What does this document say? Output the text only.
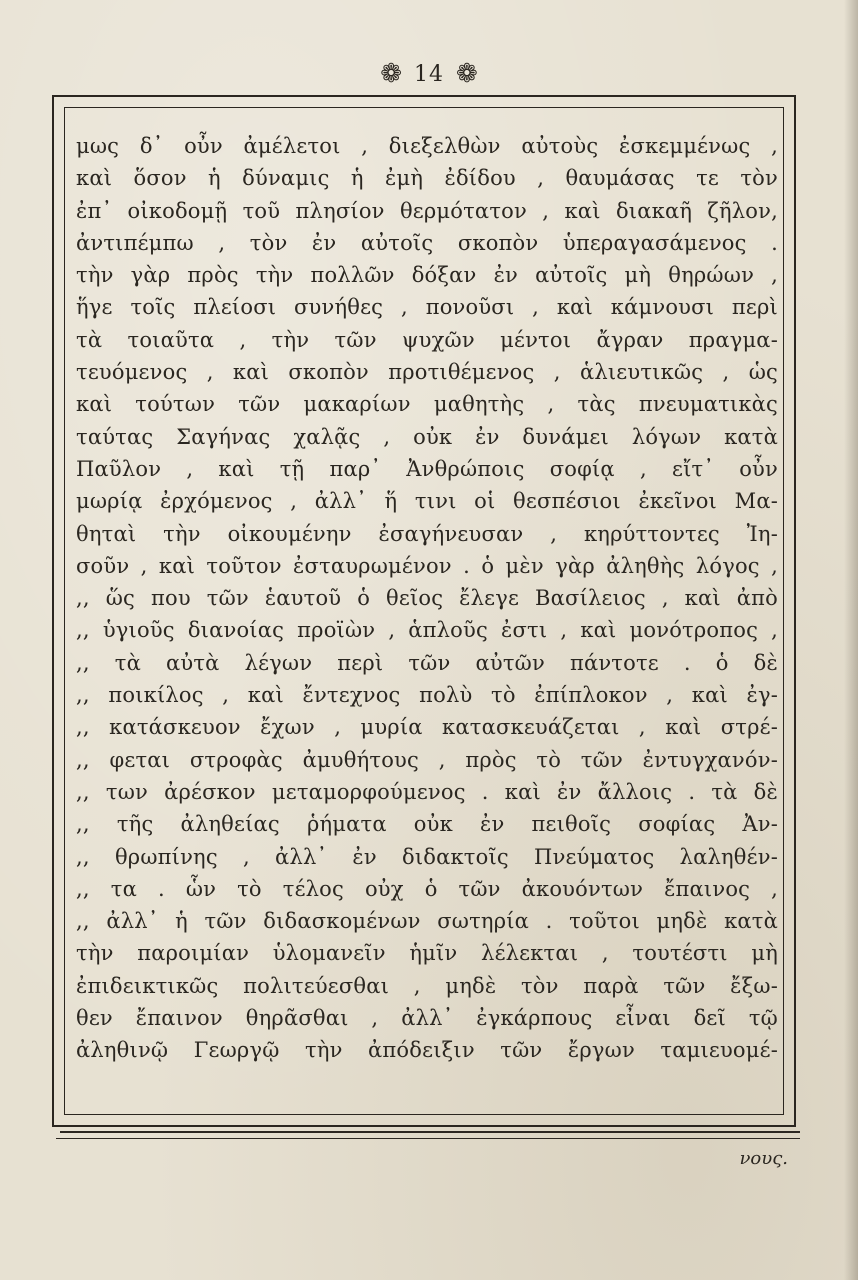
❁ 14 ❁
μως δ᾽ οὖν ἀμέλετοι , διεξελθὼν αὐτοὺς ἐσκεμμένως ,
καὶ ὅσον ἡ δύναμις ἡ ἐμὴ ἐδίδου , θαυμάσας τε τὸν
ἐπ᾽ οἰκοδομῇ τοῦ πλησίον θερμότατον , καὶ διακαῆ ζῆλον,
ἀντιπέμπω , τὸν ἐν αὐτοῖς σκοπὸν ὑπεραγασάμενος .
τὴν γὰρ πρὸς τὴν πολλῶν δόξαν ἐν αὐτοῖς μὴ θηρώων ,
ἥγε τοῖς πλείοσι συνήθες , πονοῦσι , καὶ κάμνουσι περὶ
τὰ τοιαῦτα , τὴν τῶν ψυχῶν μέντοι ἄγραν πραγμα-
τευόμενος , καὶ σκοπὸν προτιθέμενος , ἁλιευτικῶς , ὡς
καὶ τούτων τῶν μακαρίων μαθητὴς , τὰς πνευματικὰς
ταύτας Σαγήνας χαλᾷς , οὐκ ἐν δυνάμει λόγων κατὰ
Παῦλον , καὶ τῇ παρ᾽ Ἀνθρώποις σοφίᾳ , εἴτ᾽ οὖν
μωρίᾳ ἐρχόμενος , ἀλλ᾽ ἥ τινι οἱ θεσπέσιοι ἐκεῖνοι Μα-
θηταὶ τὴν οἰκουμένην ἐσαγήνευσαν , κηρύττοντες Ἰη-
σοῦν , καὶ τοῦτον ἐσταυρωμένον . ὁ μὲν γὰρ ἀληθὴς λόγος ,
,, ὥς που τῶν ἑαυτοῦ ὁ θεῖος ἔλεγε Βασίλειος , καὶ ἀπὸ
,, ὑγιοῦς διανοίας προϊὼν , ἁπλοῦς ἐστι , καὶ μονότροπος ,
,, τὰ αὐτὰ λέγων περὶ τῶν αὐτῶν πάντοτε . ὁ δὲ
,, ποικίλος , καὶ ἔντεχνος πολὺ τὸ ἐπίπλοκον , καὶ ἐγ-
,, κατάσκευον ἔχων , μυρία κατασκευάζεται , καὶ στρέ-
,, φεται στροφὰς ἀμυθήτους , πρὸς τὸ τῶν ἐντυγχανόν-
,, των ἀρέσκον μεταμορφούμενος . καὶ ἐν ἄλλοις . τὰ δὲ
,, τῆς ἀληθείας ῥήματα οὐκ ἐν πειθοῖς σοφίας Ἀν-
,, θρωπίνης , ἀλλ᾽ ἐν διδακτοῖς Πνεύματος λαληθέν-
,, τα . ὧν τὸ τέλος οὐχ ὁ τῶν ἀκουόντων ἔπαινος ,
,, ἀλλ᾽ ἡ τῶν διδασκομένων σωτηρία . τοῦτοι μηδὲ κατὰ
τὴν παροιμίαν ὑλομανεῖν ἡμῖν λέλεκται , τουτέστι μὴ
ἐπιδεικτικῶς πολιτεύεσθαι , μηδὲ τὸν παρὰ τῶν ἔξω-
θεν ἔπαινον θηρᾶσθαι , ἀλλ᾽ ἐγκάρπους εἶναι δεῖ τῷ
ἀληθινῷ Γεωργῷ τὴν ἀπόδειξιν τῶν ἔργων ταμιευομέ-
νους.
